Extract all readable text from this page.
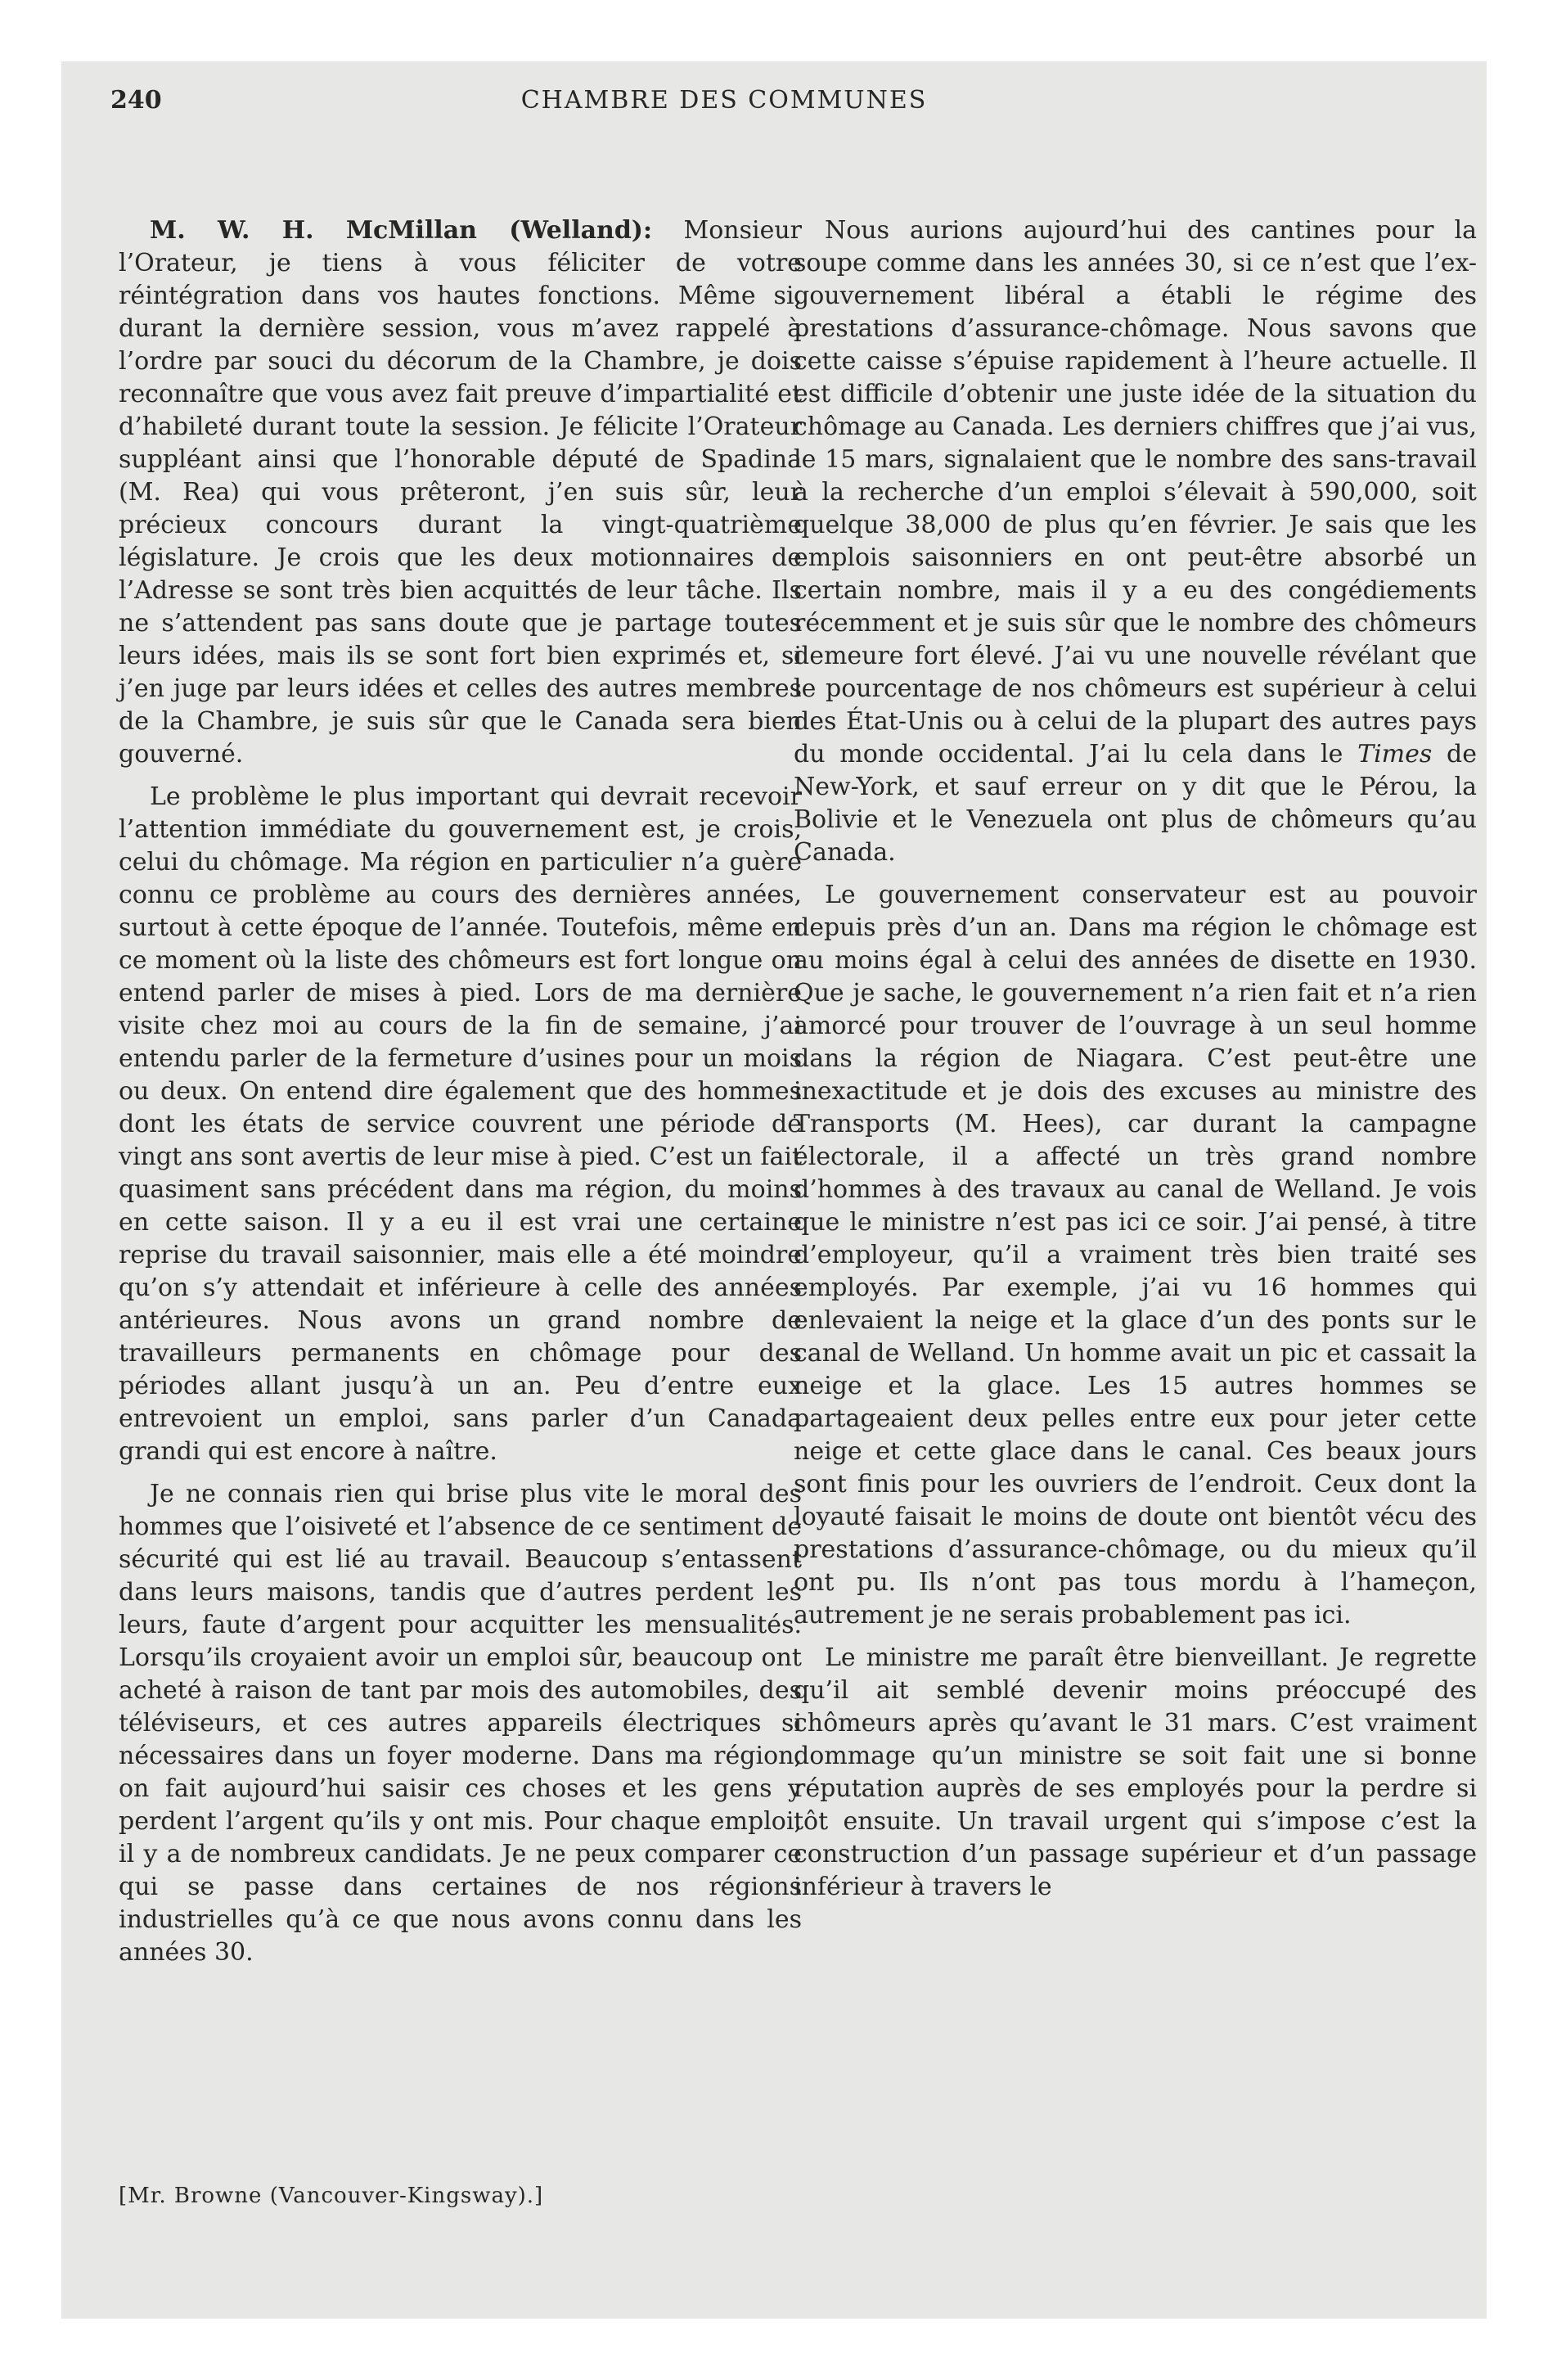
240	CHAMBRE DES COMMUNES

M. W. H. McMillan (Welland): Monsieur l’Orateur, je tiens à vous féliciter de votre réintégration dans vos hautes fonctions. Même si, durant la dernière session, vous m’avez rappelé à l’ordre par souci du décorum de la Chambre, je dois reconnaître que vous avez fait preuve d’impartialité et d’habileté durant toute la session. Je félicite l’Orateur suppléant ainsi que l’honorable député de Spadina (M. Rea) qui vous prêteront, j’en suis sûr, leur précieux concours durant la vingt-quatrième législature. Je crois que les deux motionnaires de l’Adresse se sont très bien acquittés de leur tâche. Ils ne s’attendent pas sans doute que je partage toutes leurs idées, mais ils se sont fort bien exprimés et, si j’en juge par leurs idées et celles des autres membres de la Chambre, je suis sûr que le Canada sera bien gouverné.

Le problème le plus important qui devrait recevoir l’attention immédiate du gouvernement est, je crois, celui du chômage. Ma région en particulier n’a guère connu ce problème au cours des dernières années, surtout à cette époque de l’année. Toutefois, même en ce moment où la liste des chômeurs est fort longue on entend parler de mises à pied. Lors de ma dernière visite chez moi au cours de la fin de semaine, j’ai entendu parler de la fermeture d’usines pour un mois ou deux. On entend dire également que des hommes dont les états de service couvrent une période de vingt ans sont avertis de leur mise à pied. C’est un fait quasiment sans précédent dans ma région, du moins en cette saison. Il y a eu il est vrai une certaine reprise du travail saisonnier, mais elle a été moindre qu’on s’y attendait et inférieure à celle des années antérieures. Nous avons un grand nombre de travailleurs permanents en chômage pour des périodes allant jusqu’à un an. Peu d’entre eux entrevoient un emploi, sans parler d’un Canada grandi qui est encore à naître.

Je ne connais rien qui brise plus vite le moral des hommes que l’oisiveté et l’absence de ce sentiment de sécurité qui est lié au travail. Beaucoup s’entassent dans leurs maisons, tandis que d’autres perdent les leurs, faute d’argent pour acquitter les mensualités. Lorsqu’ils croyaient avoir un emploi sûr, beaucoup ont acheté à raison de tant par mois des automobiles, des téléviseurs, et ces autres appareils électriques si nécessaires dans un foyer moderne. Dans ma région, on fait aujourd’hui saisir ces choses et les gens y perdent l’argent qu’ils y ont mis. Pour chaque emploi, il y a de nombreux candidats. Je ne peux comparer ce qui se passe dans certaines de nos régions industrielles qu’à ce que nous avons connu dans les années 30.

Nous aurions aujourd’hui des cantines pour la soupe comme dans les années 30, si ce n’est que l’ex-gouvernement libéral a établi le régime des prestations d’assurance-chômage. Nous savons que cette caisse s’épuise rapidement à l’heure actuelle. Il est difficile d’obtenir une juste idée de la situation du chômage au Canada. Les derniers chiffres que j’ai vus, le 15 mars, signalaient que le nombre des sans-travail à la recherche d’un emploi s’élevait à 590,000, soit quelque 38,000 de plus qu’en février. Je sais que les emplois saisonniers en ont peut-être absorbé un certain nombre, mais il y a eu des congédiements récemment et je suis sûr que le nombre des chômeurs demeure fort élevé. J’ai vu une nouvelle révélant que le pourcentage de nos chômeurs est supérieur à celui des État-Unis ou à celui de la plupart des autres pays du monde occidental. J’ai lu cela dans le Times de New-York, et sauf erreur on y dit que le Pérou, la Bolivie et le Venezuela ont plus de chômeurs qu’au Canada.

Le gouvernement conservateur est au pouvoir depuis près d’un an. Dans ma région le chômage est au moins égal à celui des années de disette en 1930. Que je sache, le gouvernement n’a rien fait et n’a rien amorcé pour trouver de l’ouvrage à un seul homme dans la région de Niagara. C’est peut-être une inexactitude et je dois des excuses au ministre des Transports (M. Hees), car durant la campagne électorale, il a affecté un très grand nombre d’hommes à des travaux au canal de Welland. Je vois que le ministre n’est pas ici ce soir. J’ai pensé, à titre d’employeur, qu’il a vraiment très bien traité ses employés. Par exemple, j’ai vu 16 hommes qui enlevaient la neige et la glace d’un des ponts sur le canal de Welland. Un homme avait un pic et cassait la neige et la glace. Les 15 autres hommes se partageaient deux pelles entre eux pour jeter cette neige et cette glace dans le canal. Ces beaux jours sont finis pour les ouvriers de l’endroit. Ceux dont la loyauté faisait le moins de doute ont bientôt vécu des prestations d’assurance-chômage, ou du mieux qu’il ont pu. Ils n’ont pas tous mordu à l’hameçon, autrement je ne serais probablement pas ici.

Le ministre me paraît être bienveillant. Je regrette qu’il ait semblé devenir moins préoccupé des chômeurs après qu’avant le 31 mars. C’est vraiment dommage qu’un ministre se soit fait une si bonne réputation auprès de ses employés pour la perdre si tôt ensuite. Un travail urgent qui s’impose c’est la construction d’un passage supérieur et d’un passage inférieur à travers le

[Mr. Browne (Vancouver-Kingsway).]
